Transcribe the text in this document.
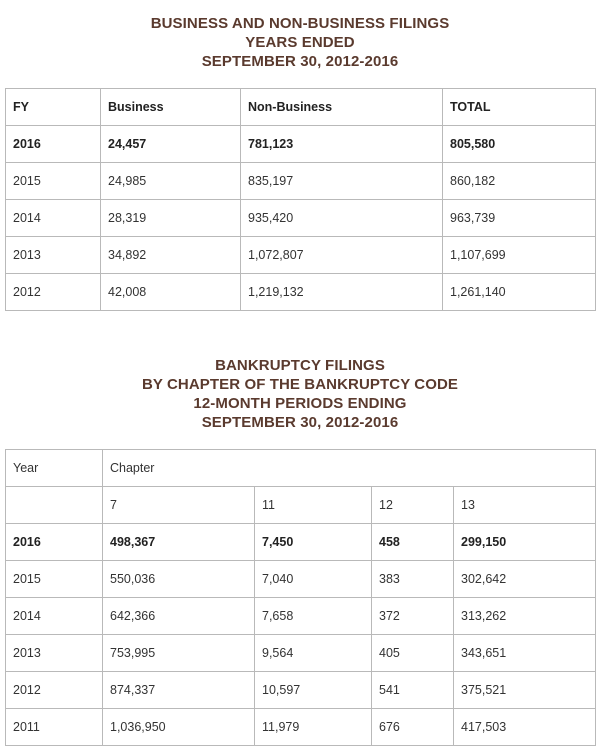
BUSINESS AND NON-BUSINESS FILINGS
YEARS ENDED
SEPTEMBER 30, 2012-2016
FY	Business	Non-Business	TOTAL
2016	24,457	781,123	805,580
2015	24,985	835,197	860,182
2014	28,319	935,420	963,739
2013	34,892	1,072,807	1,107,699
2012	42,008	1,219,132	1,261,140
BANKRUPTCY FILINGS
BY CHAPTER OF THE BANKRUPTCY CODE
12-MONTH PERIODS ENDING
SEPTEMBER 30, 2012-2016
Year	Chapter			
	7	11	12	13
2016	498,367	7,450	458	299,150
2015	550,036	7,040	383	302,642
2014	642,366	7,658	372	313,262
2013	753,995	9,564	405	343,651
2012	874,337	10,597	541	375,521
2011	1,036,950	11,979	676	417,503
